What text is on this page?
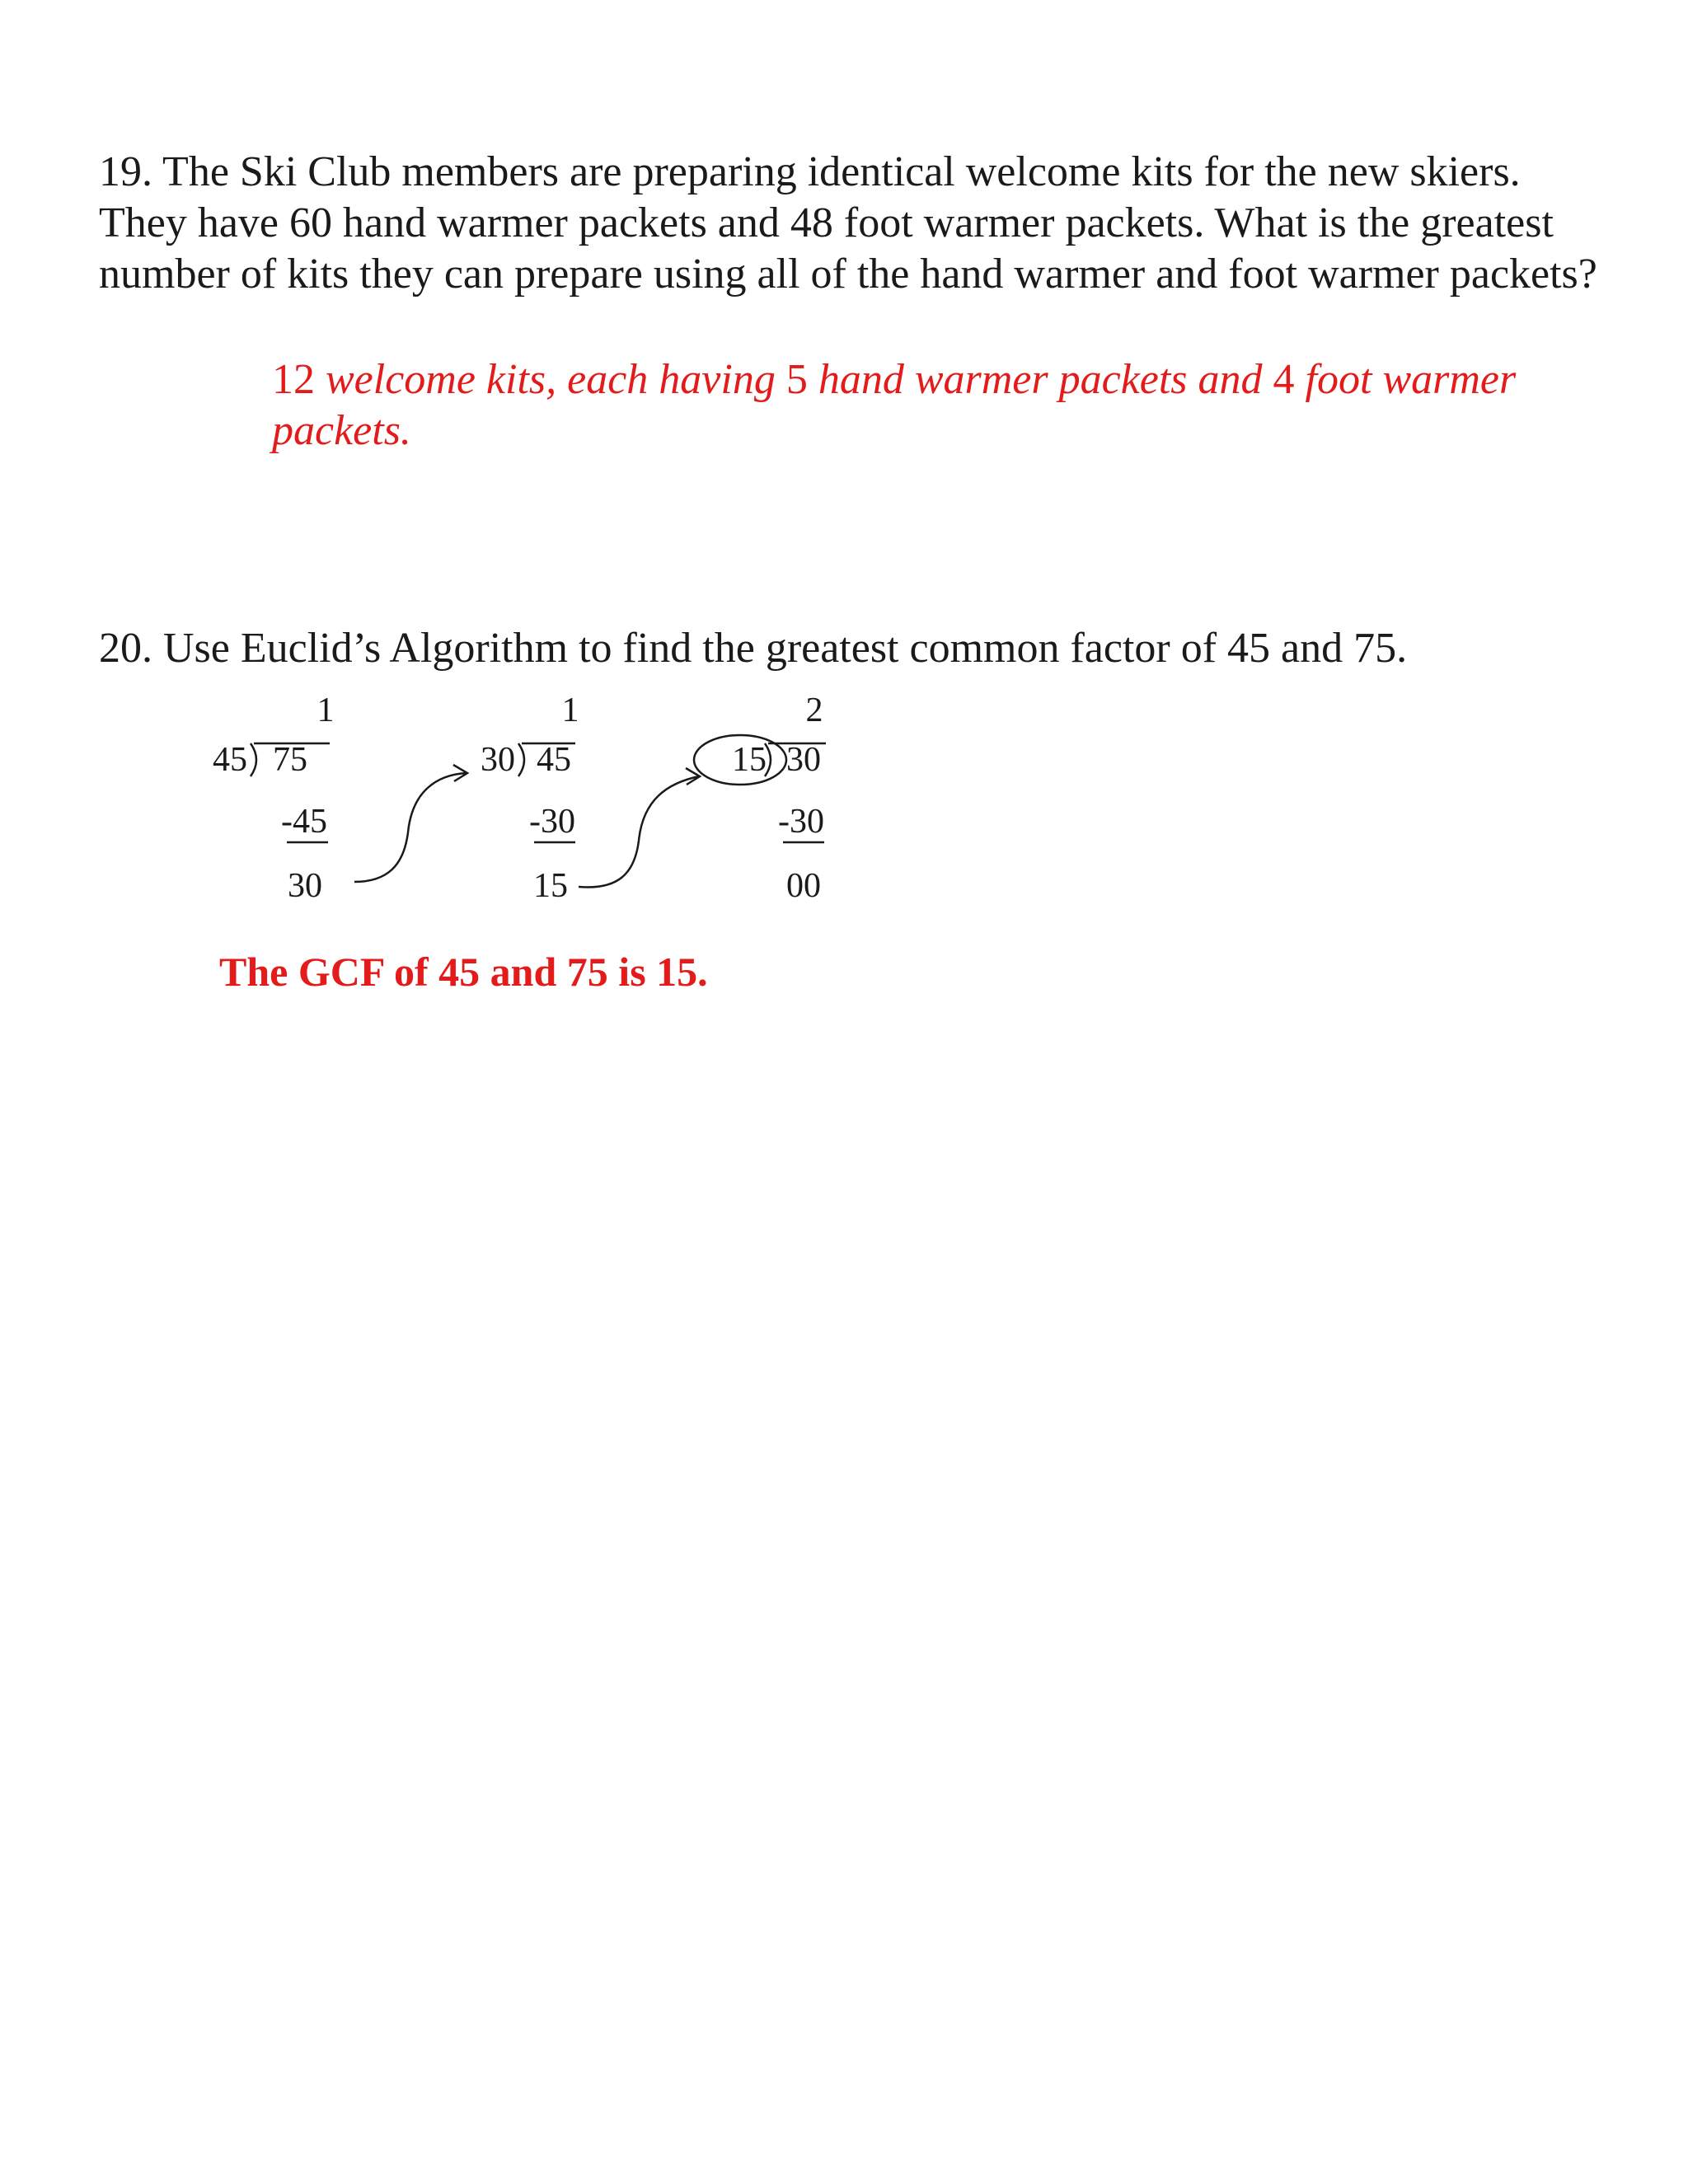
19. The Ski Club members are preparing identical welcome kits for the new skiers. They have 60 hand warmer packets and 48 foot warmer packets. What is the greatest number of kits they can prepare using all of the hand warmer and foot warmer packets?
12 welcome kits, each having 5 hand warmer packets and 4 foot warmer packets.
20. Use Euclid’s Algorithm to find the greatest common factor of 45 and 75.
1
45 75
-45
30
1
30 45
-30
15
2
15 30
-30
00
The GCF of 45 and 75 is 15.
